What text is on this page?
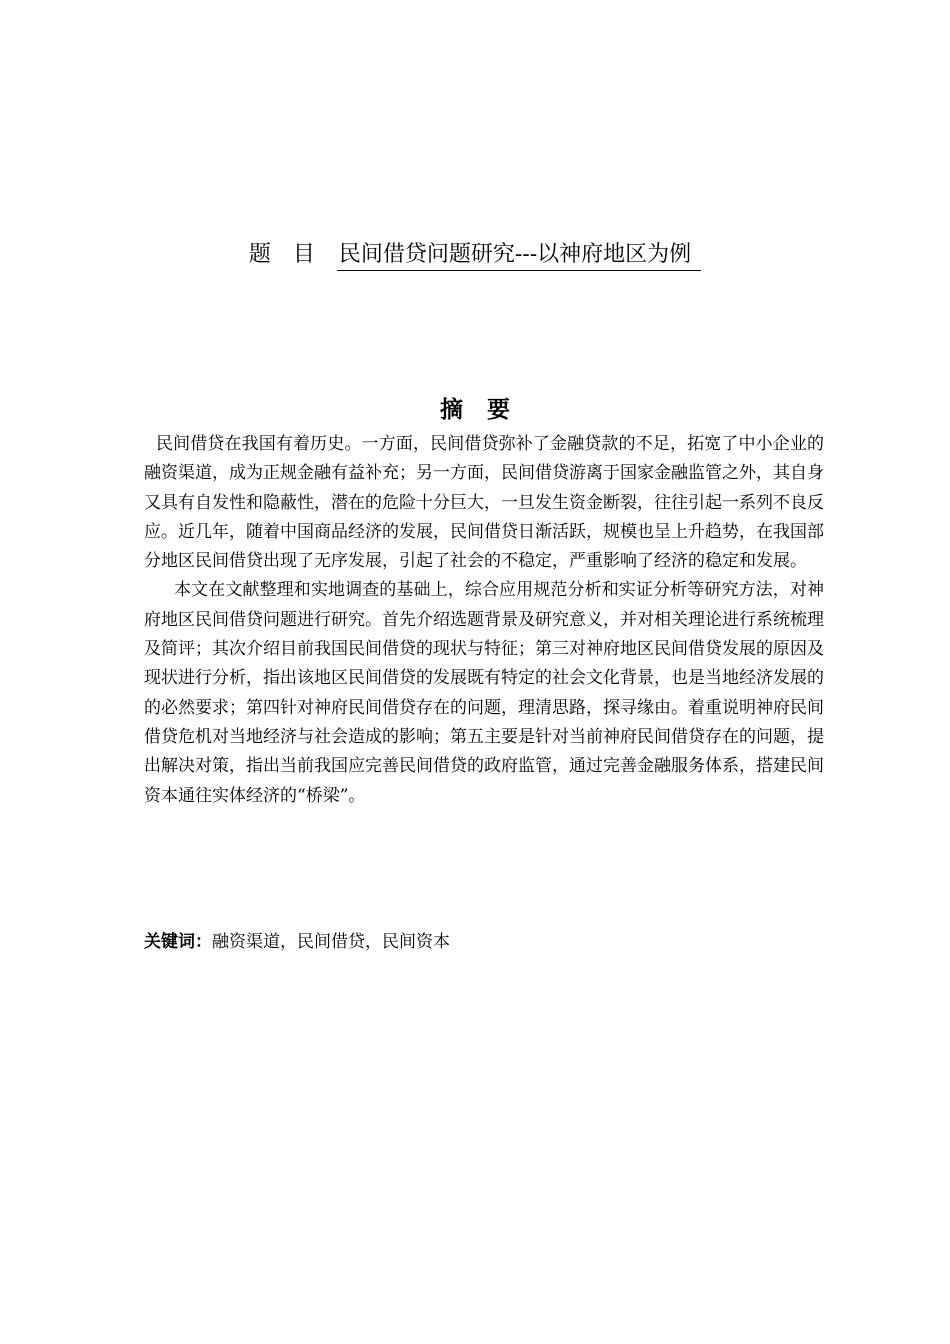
题目民间借贷问题研究---以神府地区为例
摘要

民间借贷在我国有着历史。一方面，民间借贷弥补了金融贷款的不足，拓宽了中小企业的融资渠道，成为正规金融有益补充；另一方面，民间借贷游离于国家金融监管之外，其自身又具有自发性和隐蔽性，潜在的危险十分巨大，一旦发生资金断裂，往往引起一系列不良反应。近几年，随着中国商品经济的发展，民间借贷日渐活跃，规模也呈上升趋势，在我国部分地区民间借贷出现了无序发展，引起了社会的不稳定，严重影响了经济的稳定和发展。

本文在文献整理和实地调查的基础上，综合应用规范分析和实证分析等研究方法，对神府地区民间借贷问题进行研究。首先介绍选题背景及研究意义，并对相关理论进行系统梳理及简评；其次介绍目前我国民间借贷的现状与特征；第三对神府地区民间借贷发展的原因及现状进行分析，指出该地区民间借贷的发展既有特定的社会文化背景，也是当地经济发展的的必然要求；第四针对神府民间借贷存在的问题，理清思路，探寻缘由。着重说明神府民间借贷危机对当地经济与社会造成的影响；第五主要是针对当前神府民间借贷存在的问题，提出解决对策，指出当前我国应完善民间借贷的政府监管，通过完善金融服务体系，搭建民间资本通往实体经济的“桥梁”。

关键词：融资渠道，民间借贷，民间资本
